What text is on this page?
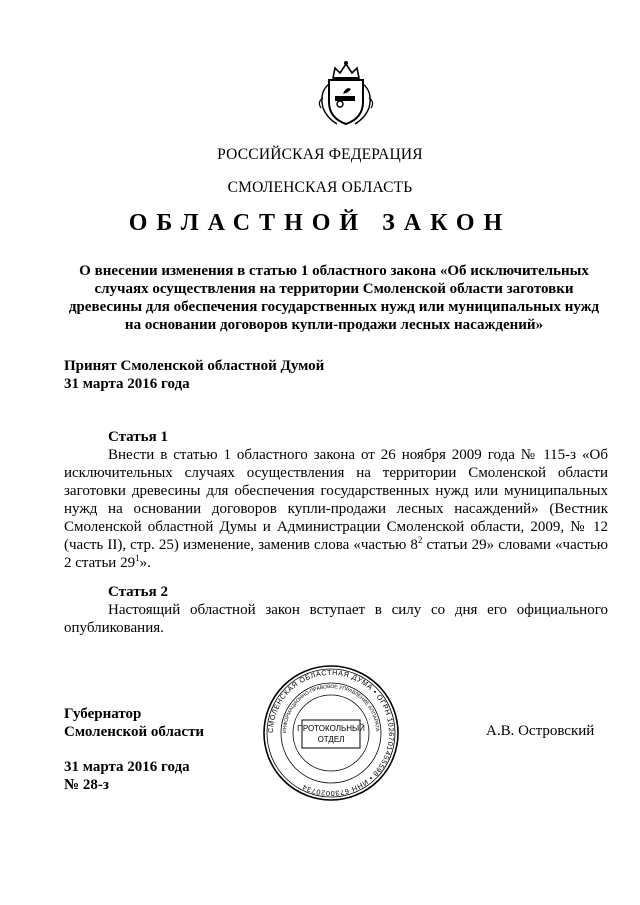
РОССИЙСКАЯ ФЕДЕРАЦИЯ
СМОЛЕНСКАЯ ОБЛАСТЬ
ОБЛАСТНОЙ ЗАКОН
О внесении изменения в статью 1 областного закона «Об исключительных
случаях осуществления на территории Смоленской области заготовки
древесины для обеспечения государственных нужд или муниципальных нужд
на основании договоров купли-продажи лесных насаждений»
Принят Смоленской областной Думой
31 марта 2016 года
Статья 1
Внести в статью 1 областного закона от 26 ноября 2009 года № 115-з «Об исключительных случаях осуществления на территории Смоленской области заготовки древесины для обеспечения государственных нужд или муниципальных нужд на основании договоров купли-продажи лесных насаждений» (Вестник Смоленской областной Думы и Администрации Смоленской области, 2009, № 12 (часть II), стр. 25) изменение, заменив слова «частью $8^2$ статьи 29» словами «частью 2 статьи $29^1$».
Статья 2
Настоящий областной закон вступает в силу со дня его официального опубликования.
Губернатор
Смоленской области	А.В. Островский
31 марта 2016 года
№ 28-з
СМОЛЕНСКАЯ ОБЛАСТНАЯ ДУМА • ОГРН 1026701455598 • ИНН 6730020734
ИНФОРМАЦИОННО-ПРАВОВОЕ УПРАВЛЕНИЕ АППАРАТА
ПРОТОКОЛЬНЫЙ
ОТДЕЛ
